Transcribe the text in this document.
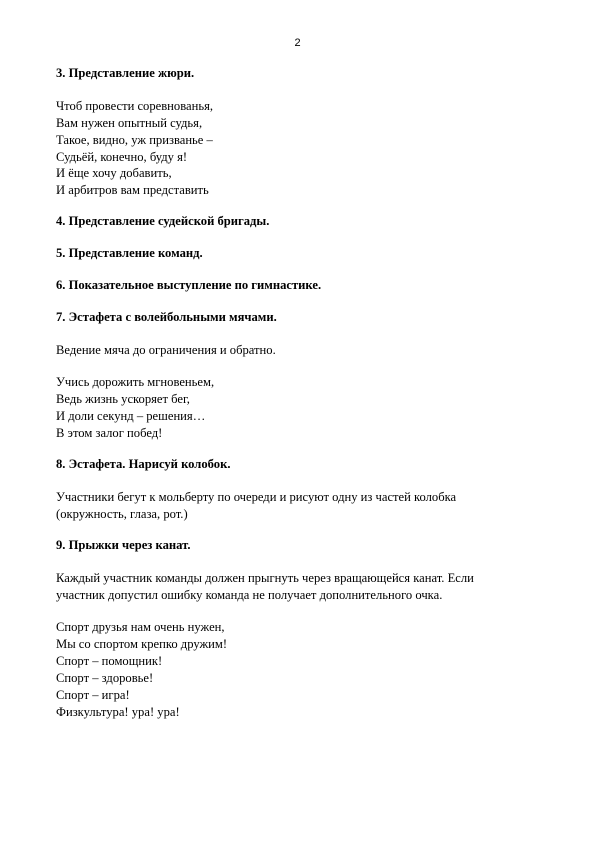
2
3. Представление жюри.
Чтоб провести соревнованья,
Вам нужен опытный судья,
Такое, видно, уж призванье –
Судьёй, конечно, буду я!
И ёще хочу добавить,
И арбитров вам представить
4. Представление судейской бригады.
5. Представление команд.
6. Показательное выступление по гимнастике.
7. Эстафета с волейбольными мячами.
Ведение мяча до ограничения и обратно.
Учись дорожить мгновеньем,
Ведь жизнь ускоряет бег,
И доли секунд – решения…
В этом залог побед!
8. Эстафета. Нарисуй колобок.
Участники бегут к мольберту по очереди и рисуют одну из частей колобка
(окружность, глаза, рот.)
9. Прыжки через канат.
Каждый участник команды должен прыгнуть через вращающейся канат. Если
участник допустил ошибку команда не получает дополнительного очка.
Спорт друзья нам очень нужен,
Мы со спортом крепко дружим!
Спорт – помощник!
Спорт – здоровье!
Спорт – игра!
Физкультура! ура! ура!
